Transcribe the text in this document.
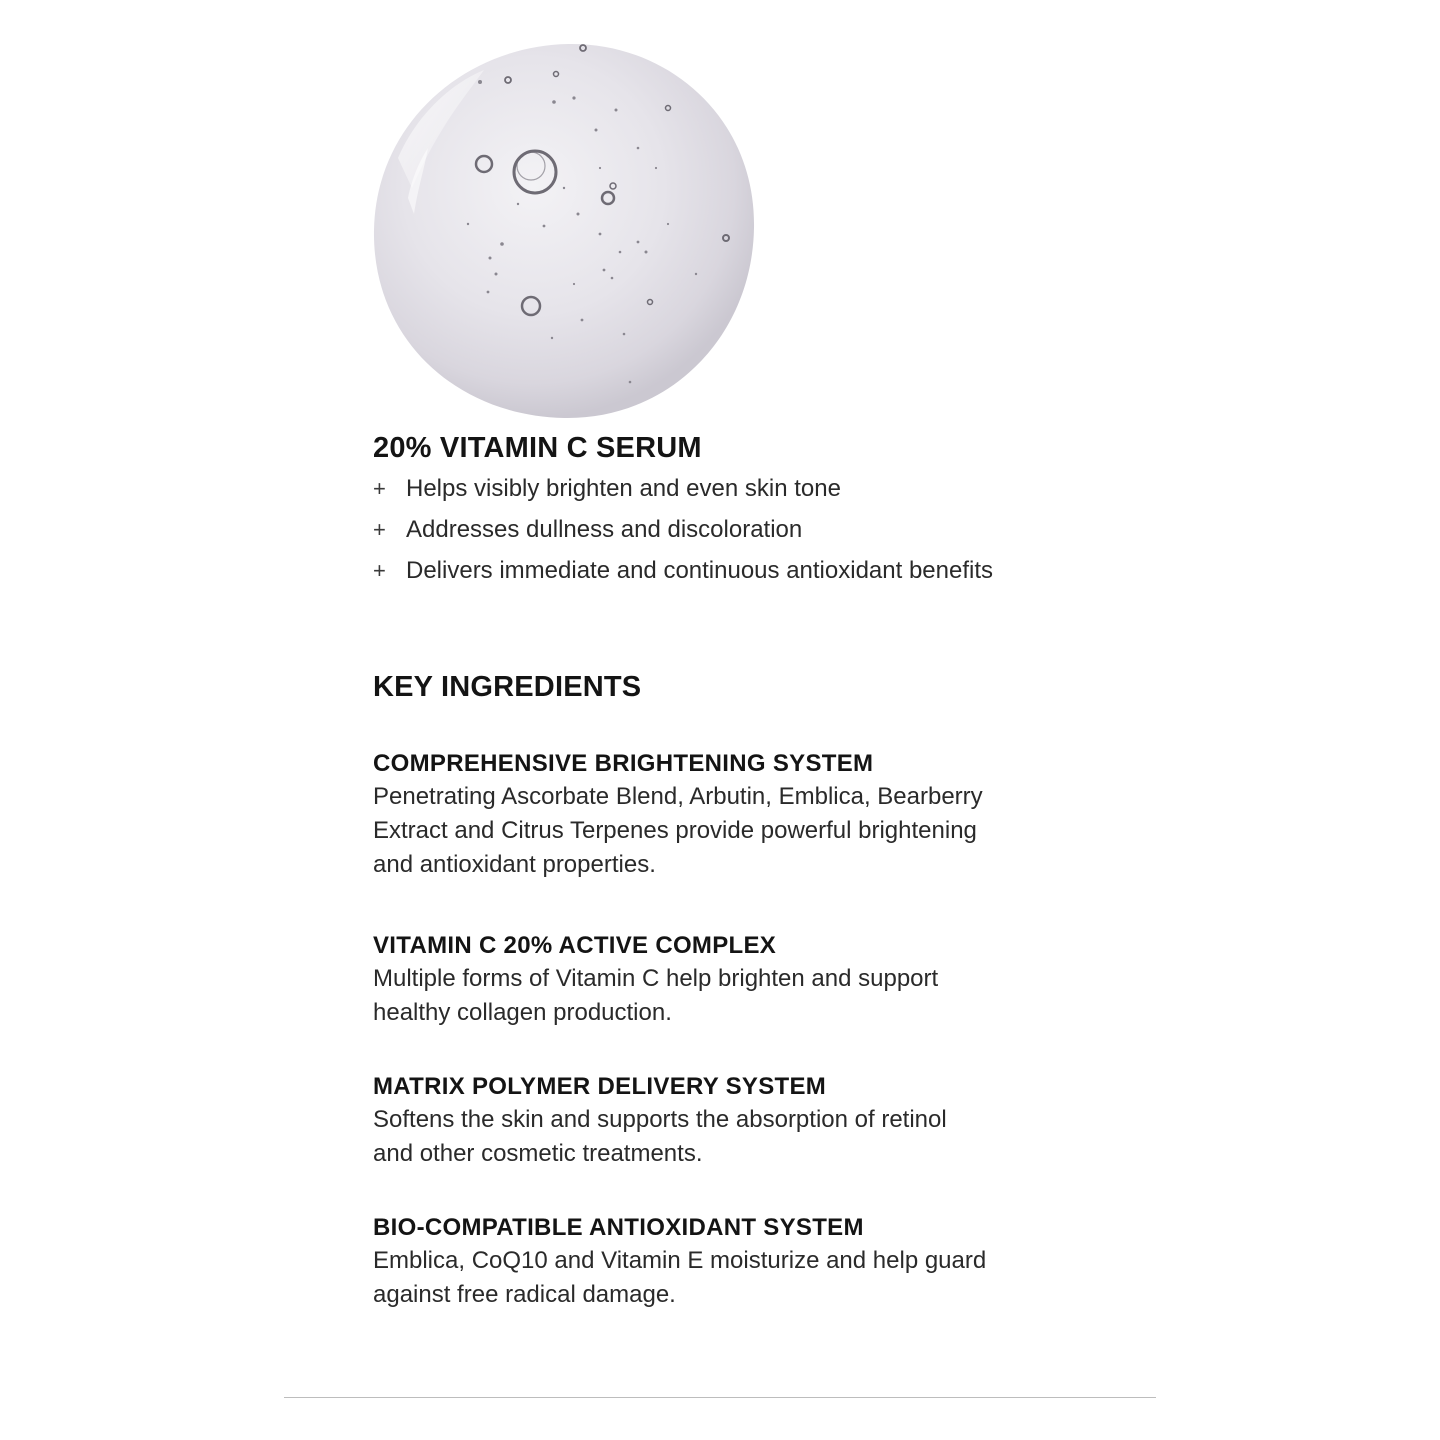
20% VITAMIN C SERUM
+ Helps visibly brighten and even skin tone
+ Addresses dullness and discoloration
+ Delivers immediate and continuous antioxidant benefits
KEY INGREDIENTS
COMPREHENSIVE BRIGHTENING SYSTEM

Penetrating Ascorbate Blend, Arbutin, Emblica, Bearberry
Extract and Citrus Terpenes provide powerful brightening
and antioxidant properties.

VITAMIN C 20% ACTIVE COMPLEX

Multiple forms of Vitamin C help brighten and support
healthy collagen production.

MATRIX POLYMER DELIVERY SYSTEM

Softens the skin and supports the absorption of retinol
and other cosmetic treatments.

BIO-COMPATIBLE ANTIOXIDANT SYSTEM

Emblica, CoQ10 and Vitamin E moisturize and help guard
against free radical damage.
